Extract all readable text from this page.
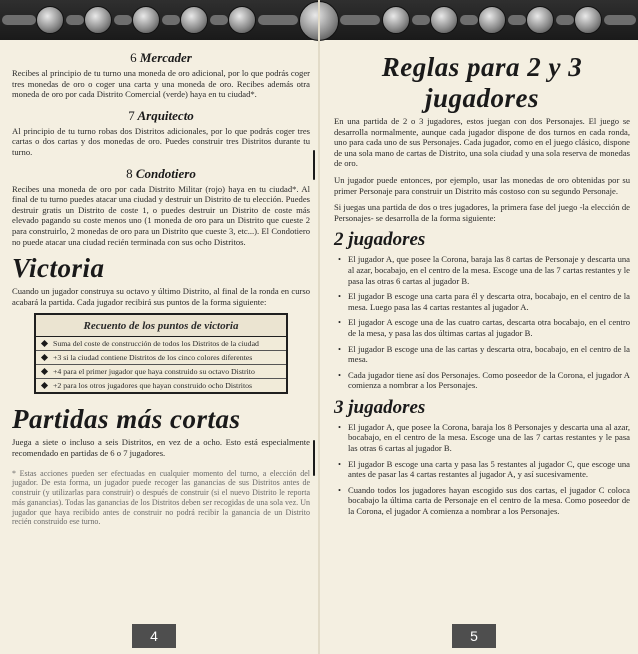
6 Mercader

Recibes al principio de tu turno una moneda de oro adicional, por lo que podrás coger tres monedas de oro o coger una carta y una moneda de oro. Recibes además otra moneda de oro por cada Distrito Comercial (verde) haya en tu ciudad*.

7 Arquitecto

Al principio de tu turno robas dos Distritos adicionales, por lo que podrás coger tres cartas o dos cartas y dos monedas de oro. Puedes construir tres Distritos durante tu turno.

8 Condotiero

Recibes una moneda de oro por cada Distrito Militar (rojo) haya en tu ciudad*. Al final de tu turno puedes atacar una ciudad y destruir un Distrito de tu elección. Puedes destruir gratis un Distrito de coste 1, o puedes destruir un Distrito de coste más elevado pagando su coste menos uno (1 moneda de oro para un Distrito que cueste 2 para construirlo, 2 monedas de oro para un Distrito que cueste 3, etc...). El Condotiero no puede atacar una ciudad recién terminada con sus ocho Distritos.

Victoria

Cuando un jugador construya su octavo y último Distrito, al final de la ronda en curso acabará la partida. Cada jugador recibirá sus puntos de la forma siguiente:

Recuento de los puntos de victoria
Suma del coste de construcción de todos los Distritos de la ciudad
+3 si la ciudad contiene Distritos de los cinco colores diferentes
+4 para el primer jugador que haya construido su octavo Distrito
+2 para los otros jugadores que hayan construido ocho Distritos
Partidas más cortas

Juega a siete o incluso a seis Distritos, en vez de a ocho. Esto está especialmente recomendado en partidas de 6 o 7 jugadores.

* Estas acciones pueden ser efectuadas en cualquier momento del turno, a elección del jugador. De esta forma, un jugador puede recoger las ganancias de sus Distritos antes de construir (y utilizarlas para construir) o después de construir (si el nuevo Distrito le reporta más ganancias). Todas las ganancias de los Distritos deben ser recogidas de una sola vez. Un jugador que haya recibido antes de construir no podrá recibir la ganancia de un Distrito recién construido ese turno.

4
Reglas para 2 y 3 jugadores

En una partida de 2 o 3 jugadores, estos juegan con dos Personajes. El juego se desarrolla normalmente, aunque cada jugador dispone de dos turnos en cada ronda, uno para cada uno de sus Personajes. Cada jugador, como en el juego clásico, dispone de una sola mano de cartas de Distrito, una sola ciudad y una sola reserva de monedas de oro.

Un jugador puede entonces, por ejemplo, usar las monedas de oro obtenidas por su primer Personaje para construir un Distrito más costoso con su segundo Personaje.

Si juegas una partida de dos o tres jugadores, la primera fase del juego -la elección de Personajes- se desarrolla de la forma siguiente:

2 jugadores
• El jugador A, que posee la Corona, baraja las 8 cartas de Personaje y descarta una al azar, bocabajo, en el centro de la mesa. Escoge una de las 7 cartas restantes y le pasa las otras 6 cartas al jugador B.
• El jugador B escoge una carta para él y descarta otra, bocabajo, en el centro de la mesa. Luego pasa las 4 cartas restantes al jugador A.
• El jugador A escoge una de las cuatro cartas, descarta otra bocabajo, en el centro de la mesa, y pasa las dos últimas cartas al jugador B.
• El jugador B escoge una de las cartas y descarta otra, bocabajo, en el centro de la mesa.
• Cada jugador tiene así dos Personajes. Como poseedor de la Corona, el jugador A comienza a nombrar a los Personajes.
3 jugadores
• El jugador A, que posee la Corona, baraja los 8 Personajes y descarta una al azar, bocabajo, en el centro de la mesa. Escoge una de las 7 cartas restantes y le pasa las otras 6 cartas al jugador B.
• El jugador B escoge una carta y pasa las 5 restantes al jugador C, que escoge una antes de pasar las 4 cartas restantes al jugador A, y así sucesivamente.
• Cuando todos los jugadores hayan escogido sus dos cartas, el jugador C coloca bocabajo la última carta de Personaje en el centro de la mesa. Como poseedor de la Corona, el jugador A comienza a nombrar a los Personajes.
5
